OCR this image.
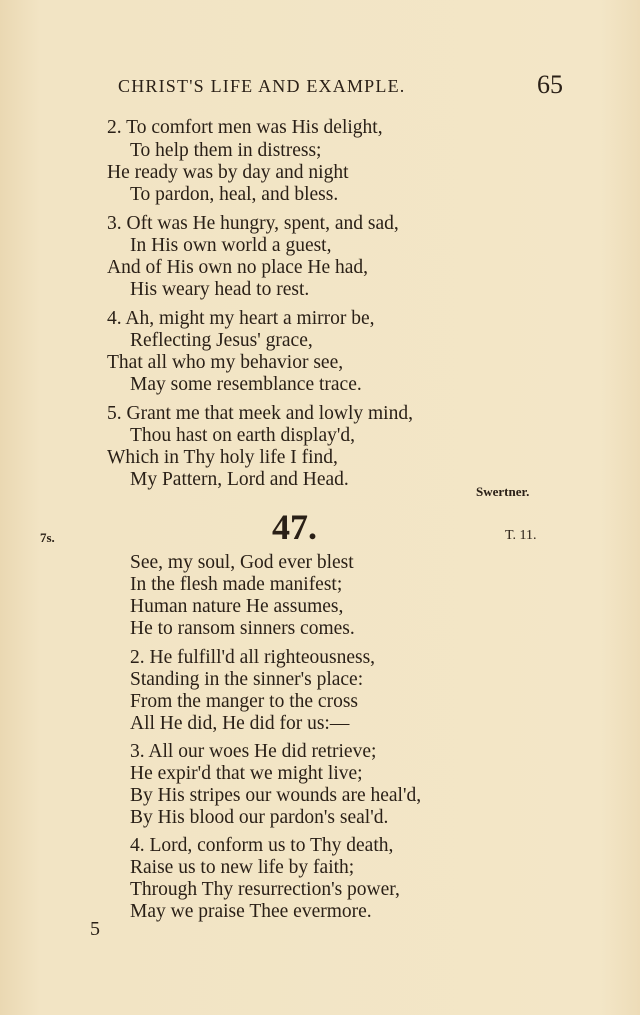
CHRIST'S LIFE AND EXAMPLE.	65
2. To comfort men was His delight,
To help them in distress;
He ready was by day and night
To pardon, heal, and bless.
3. Oft was He hungry, spent, and sad,
In His own world a guest,
And of His own no place He had,
His weary head to rest.
4. Ah, might my heart a mirror be,
Reflecting Jesus' grace,
That all who my behavior see,
May some resemblance trace.
5. Grant me that meek and lowly mind,
Thou hast on earth display'd,
Which in Thy holy life I find,
My Pattern, Lord and Head.
Swertner.
7s.	47.	T. 11.
See, my soul, God ever blest
In the flesh made manifest;
Human nature He assumes,
He to ransom sinners comes.
2. He fulfill'd all righteousness,
Standing in the sinner's place:
From the manger to the cross
All He did, He did for us:—
3. All our woes He did retrieve;
He expir'd that we might live;
By His stripes our wounds are heal'd,
By His blood our pardon's seal'd.
4. Lord, conform us to Thy death,
Raise us to new life by faith;
Through Thy resurrection's power,
May we praise Thee evermore.
5
